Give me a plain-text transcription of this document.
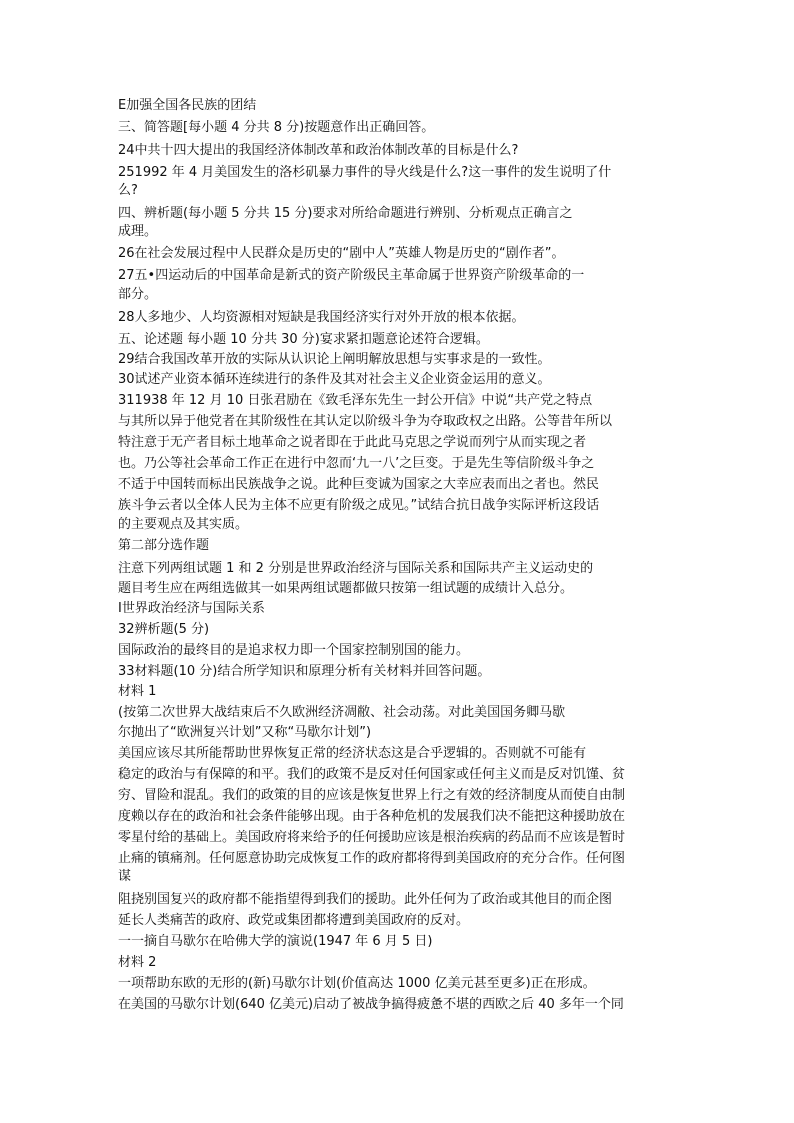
E加强全国各民族的团结
三、简答题[每小题 4 分共 8 分)按题意作出正确回答。
24中共十四大提出的我国经济体制改革和政治体制改革的目标是什么?
251992 年 4 月美国发生的洛杉矶暴力事件的导火线是什么?这一事件的发生说明了什
么?
四、辨析题(每小题 5 分共 15 分)要求对所给命题进行辨别、分析观点正确言之
成理。
26在社会发展过程中人民群众是历史的“剧中人”英雄人物是历史的“剧作者”。
27五•四运动后的中国革命是新式的资产阶级民主革命属于世界资产阶级革命的一
部分。
28人多地少、人均资源相对短缺是我国经济实行对外开放的根本依据。
五、论述题 每小题 10 分共 30 分)宴求紧扣题意论述符合逻辑。
29结合我国改革开放的实际从认识论上阐明解放思想与实事求是的一致性。
30试述产业资本循环连续进行的条件及其对社会主义企业资金运用的意义。
311938 年 12 月 10 日张君励在《致毛泽东先生一封公开信》中说“共产党之特点
与其所以异于他党者在其阶级性在其认定以阶级斗争为夺取政权之出路。公等昔年所以
特注意于无产者目标土地革命之说者即在于此此马克思之学说而列宁从而实现之者
也。乃公等社会革命工作正在进行中忽而‘九一八’之巨变。于是先生等信阶级斗争之
不适于中国转而标出民族战争之说。此种巨变诚为国家之大幸应表而出之者也。然民
族斗争云者以全体人民为主体不应更有阶级之成见。”试结合抗日战争实际评析这段话
的主要观点及其实质。
第二部分选作题
注意下列两组试题 1 和 2 分别是世界政治经济与国际关系和国际共产主义运动史的
题目考生应在两组选做其一如果两组试题都做只按第一组试题的成绩计入总分。
Ⅰ世界政治经济与国际关系
32辨析题(5 分)
国际政治的最终目的是追求权力即一个国家控制别国的能力。
33材料题(10 分)结合所学知识和原理分析有关材料并回答问题。
材料 1
(按第二次世界大战结束后不久欧洲经济凋敝、社会动荡。对此美国国务卿马歇
尔抛出了“欧洲复兴计划”又称“马歇尔计划”)
美国应该尽其所能帮助世界恢复正常的经济状态这是合乎逻辑的。否则就不可能有
稳定的政治与有保障的和平。我们的政策不是反对任何国家或任何主义而是反对饥馑、贫
穷、冒险和混乱。我们的政策的目的应该是恢复世界上行之有效的经济制度从而使自由制
度赖以存在的政治和社会条件能够出现。由于各种危机的发展我们决不能把这种援助放在
零星付给的基础上。美国政府将来给予的任何援助应该是根治疾病的药品而不应该是暂时
止痛的镇痛剂。任何愿意协助完成恢复工作的政府都将得到美国政府的充分合作。任何图
谋
阻挠别国复兴的政府都不能指望得到我们的援助。此外任何为了政治或其他目的而企图
延长人类痛苦的政府、政党或集团都将遭到美国政府的反对。
一一摘自马歇尔在哈佛大学的演说(1947 年 6 月 5 日)
材料 2
一项帮助东欧的无形的(新)马歇尔计划(价值高达 1000 亿美元甚至更多)正在形成。
在美国的马歇尔计划(640 亿美元)启动了被战争搞得疲惫不堪的西欧之后 40 多年一个同
